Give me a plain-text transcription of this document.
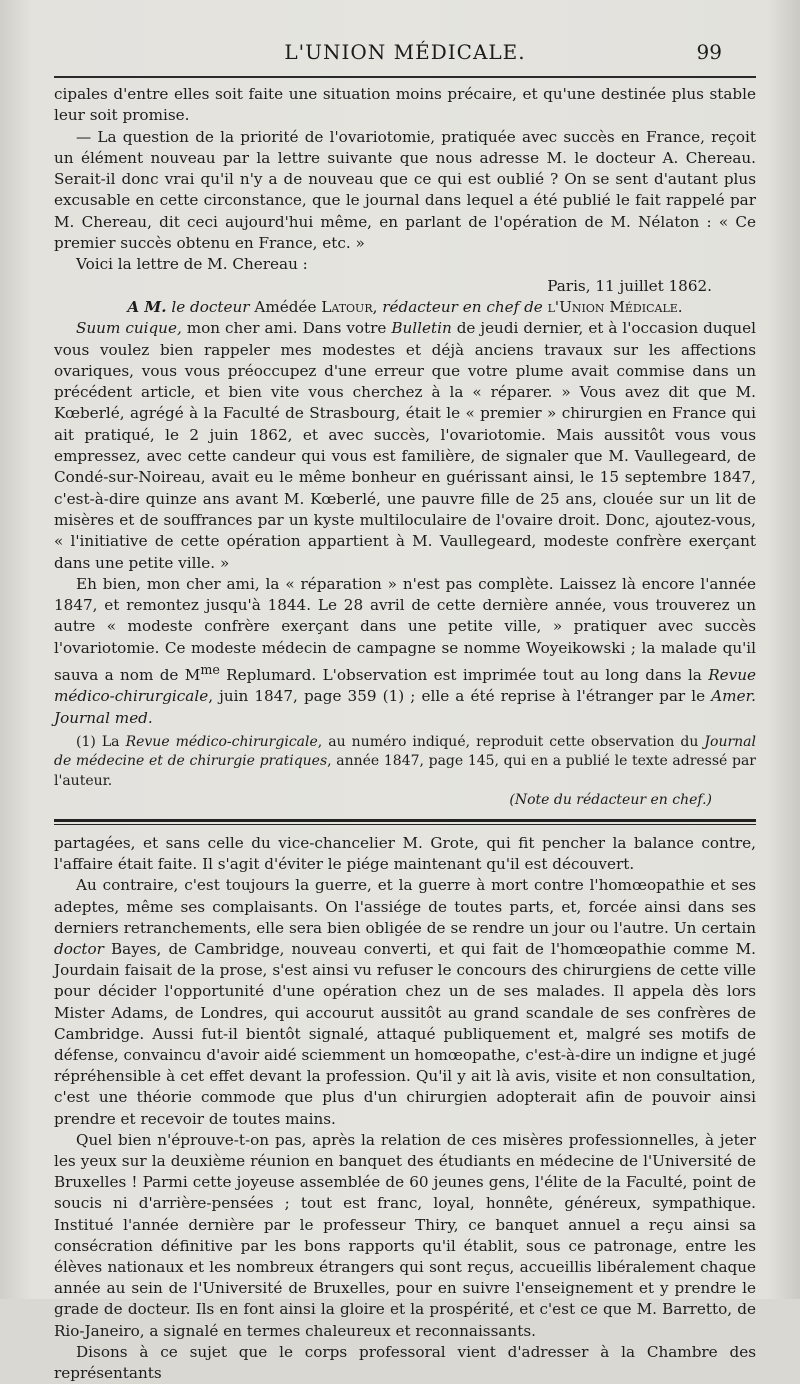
L'UNION MÉDICALE.	99

cipales d'entre elles soit faite une situation moins précaire, et qu'une destinée plus stable leur soit promise.

— La question de la priorité de l'ovariotomie, pratiquée avec succès en France, reçoit un élément nouveau par la lettre suivante que nous adresse M. le docteur A. Chereau. Serait-il donc vrai qu'il n'y a de nouveau que ce qui est oublié ? On se sent d'autant plus excusable en cette circonstance, que le journal dans lequel a été publié le fait rappelé par M. Chereau, dit ceci aujourd'hui même, en parlant de l'opération de M. Nélaton : « Ce premier succès obtenu en France, etc. »

Voici la lettre de M. Chereau :

Paris, 11 juillet 1862.

A M. le docteur Amédée Latour, rédacteur en chef de l'Union Médicale.

Suum cuique, mon cher ami. Dans votre Bulletin de jeudi dernier, et à l'occasion duquel vous voulez bien rappeler mes modestes et déjà anciens travaux sur les affections ovariques, vous vous préoccupez d'une erreur que votre plume avait commise dans un précédent article, et bien vite vous cherchez à la « réparer. » Vous avez dit que M. Kœberlé, agrégé à la Faculté de Strasbourg, était le « premier » chirurgien en France qui ait pratiqué, le 2 juin 1862, et avec succès, l'ovariotomie. Mais aussitôt vous vous empressez, avec cette candeur qui vous est familière, de signaler que M. Vaullegeard, de Condé-sur-Noireau, avait eu le même bonheur en guérissant ainsi, le 15 septembre 1847, c'est-à-dire quinze ans avant M. Kœberlé, une pauvre fille de 25 ans, clouée sur un lit de misères et de souffrances par un kyste multiloculaire de l'ovaire droit. Donc, ajoutez-vous, « l'initiative de cette opération appartient à M. Vaullegeard, modeste confrère exerçant dans une petite ville. »

Eh bien, mon cher ami, la « réparation » n'est pas complète. Laissez là encore l'année 1847, et remontez jusqu'à 1844. Le 28 avril de cette dernière année, vous trouverez un autre « modeste confrère exerçant dans une petite ville, » pratiquer avec succès l'ovariotomie. Ce modeste médecin de campagne se nomme Woyeikowski ; la malade qu'il sauva a nom de $M^{me}$ Replumard. L'observation est imprimée tout au long dans la Revue médico-chirurgicale, juin 1847, page 359 (1) ; elle a été reprise à l'étranger par le Amer. Journal med.

(1) La Revue médico-chirurgicale, au numéro indiqué, reproduit cette observation du Journal de médecine et de chirurgie pratiques, année 1847, page 145, qui en a publié le texte adressé par l'auteur.

(Note du rédacteur en chef.)

partagées, et sans celle du vice-chancelier M. Grote, qui fit pencher la balance contre, l'affaire était faite. Il s'agit d'éviter le piége maintenant qu'il est découvert.

Au contraire, c'est toujours la guerre, et la guerre à mort contre l'homœopathie et ses adeptes, même ses complaisants. On l'assiége de toutes parts, et, forcée ainsi dans ses derniers retranchements, elle sera bien obligée de se rendre un jour ou l'autre. Un certain doctor Bayes, de Cambridge, nouveau converti, et qui fait de l'homœopathie comme M. Jourdain faisait de la prose, s'est ainsi vu refuser le concours des chirurgiens de cette ville pour décider l'opportunité d'une opération chez un de ses malades. Il appela dès lors Mister Adams, de Londres, qui accourut aussitôt au grand scandale de ses confrères de Cambridge. Aussi fut-il bientôt signalé, attaqué publiquement et, malgré ses motifs de défense, convaincu d'avoir aidé sciemment un homœopathe, c'est-à-dire un indigne et jugé répréhensible à cet effet devant la profession. Qu'il y ait là avis, visite et non consultation, c'est une théorie commode que plus d'un chirurgien adopterait afin de pouvoir ainsi prendre et recevoir de toutes mains.

Quel bien n'éprouve-t-on pas, après la relation de ces misères professionnelles, à jeter les yeux sur la deuxième réunion en banquet des étudiants en médecine de l'Université de Bruxelles ! Parmi cette joyeuse assemblée de 60 jeunes gens, l'élite de la Faculté, point de soucis ni d'arrière-pensées ; tout est franc, loyal, honnête, généreux, sympathique. Institué l'année dernière par le professeur Thiry, ce banquet annuel a reçu ainsi sa consécration définitive par les bons rapports qu'il établit, sous ce patronage, entre les élèves nationaux et les nombreux étrangers qui sont reçus, accueillis libéralement chaque année au sein de l'Université de Bruxelles, pour en suivre l'enseignement et y prendre le grade de docteur. Ils en font ainsi la gloire et la prospérité, et c'est ce que M. Barretto, de Rio-Janeiro, a signalé en termes chaleureux et reconnaissants.

Disons à ce sujet que le corps professoral vient d'adresser à la Chambre des représentants
